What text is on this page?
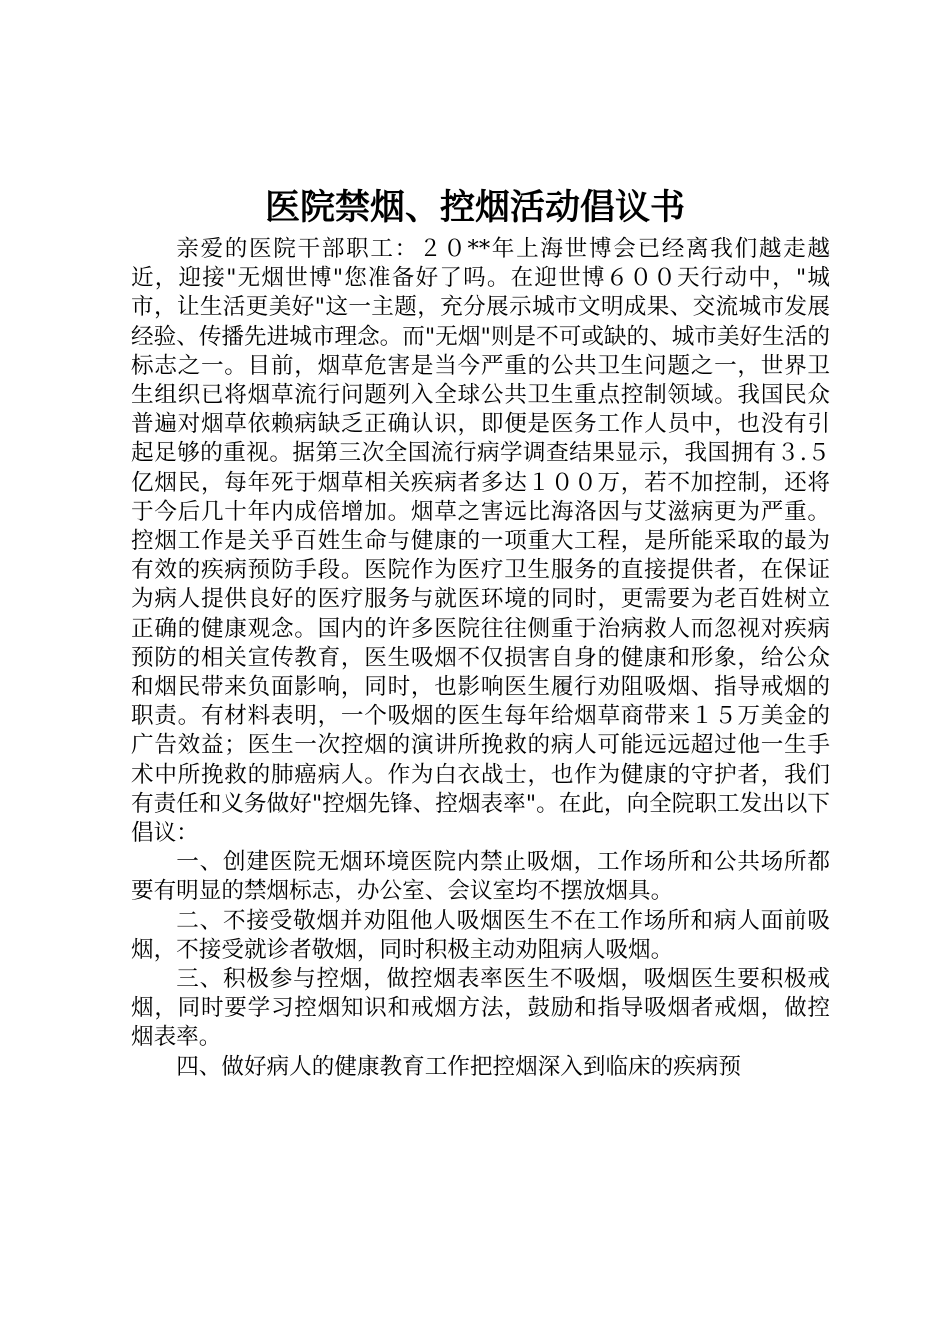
医院禁烟、控烟活动倡议书

亲爱的医院干部职工：２０**年上海世博会已经离我们越走越近，迎接"无烟世博"您准备好了吗。在迎世博６００天行动中，"城市，让生活更美好"这一主题，充分展示城市文明成果、交流城市发展经验、传播先进城市理念。而"无烟"则是不可或缺的、城市美好生活的标志之一。目前，烟草危害是当今严重的公共卫生问题之一，世界卫生组织已将烟草流行问题列入全球公共卫生重点控制领域。我国民众普遍对烟草依赖病缺乏正确认识，即便是医务工作人员中，也没有引起足够的重视。据第三次全国流行病学调查结果显示，我国拥有３.５亿烟民，每年死于烟草相关疾病者多达１００万，若不加控制，还将于今后几十年内成倍增加。烟草之害远比海洛因与艾滋病更为严重。控烟工作是关乎百姓生命与健康的一项重大工程，是所能采取的最为有效的疾病预防手段。医院作为医疗卫生服务的直接提供者，在保证为病人提供良好的医疗服务与就医环境的同时，更需要为老百姓树立正确的健康观念。国内的许多医院往往侧重于治病救人而忽视对疾病预防的相关宣传教育，医生吸烟不仅损害自身的健康和形象，给公众和烟民带来负面影响，同时，也影响医生履行劝阻吸烟、指导戒烟的职责。有材料表明，一个吸烟的医生每年给烟草商带来１５万美金的广告效益；医生一次控烟的演讲所挽救的病人可能远远超过他一生手术中所挽救的肺癌病人。作为白衣战士，也作为健康的守护者，我们有责任和义务做好"控烟先锋、控烟表率"。在此，向全院职工发出以下倡议：

一、创建医院无烟环境医院内禁止吸烟，工作场所和公共场所都要有明显的禁烟标志，办公室、会议室均不摆放烟具。

二、不接受敬烟并劝阻他人吸烟医生不在工作场所和病人面前吸烟，不接受就诊者敬烟，同时积极主动劝阻病人吸烟。

三、积极参与控烟，做控烟表率医生不吸烟，吸烟医生要积极戒烟，同时要学习控烟知识和戒烟方法，鼓励和指导吸烟者戒烟，做控烟表率。

四、做好病人的健康教育工作把控烟深入到临床的疾病预
